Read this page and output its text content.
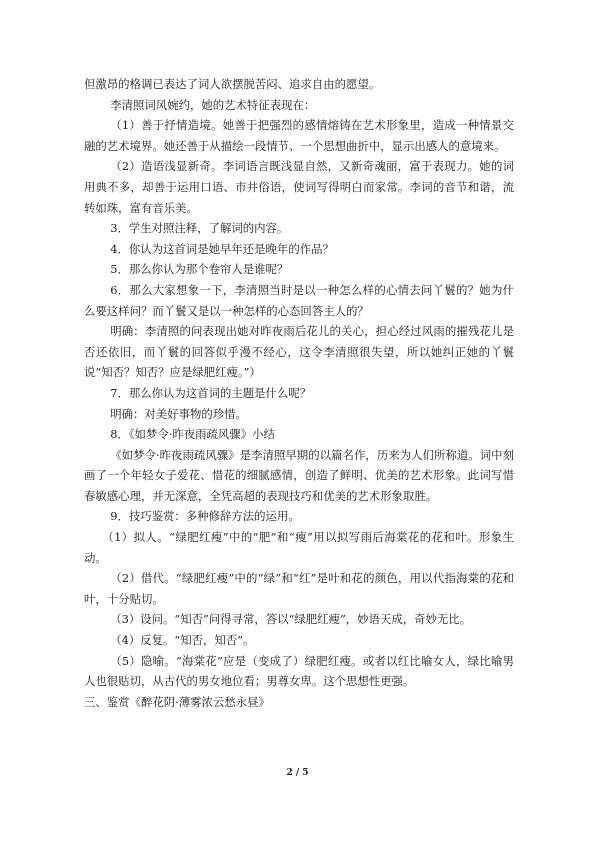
但激昂的格调已表达了词人欲摆脱苦闷、追求自由的愿望。

李清照词风婉约，她的艺术特征表现在：

（1）善于抒情造境。她善于把强烈的感情熔铸在艺术形象里，造成一种情景交融的艺术境界。她还善于从描绘一段情节、一个思想曲折中，显示出感人的意境来。

（2）造语浅显新奇。李词语言既浅显自然，又新奇魂丽，富于表现力。她的词用典不多，却善于运用口语、市井俗语，使词写得明白而家常。李词的音节和谐，流转如珠，富有音乐美。

3．学生对照注释，了解词的内容。

4．你认为这首词是她早年还是晚年的作品？

5．那么你认为那个卷帘人是谁呢？

6．那么大家想象一下，李清照当时是以一种怎么样的心情去问丫鬟的？她为什么要这样问？而丫鬟又是以一种怎样的心态回答主人的？

明确：李清照的问表现出她对昨夜雨后花儿的关心，担心经过风雨的摧残花儿是否还依旧，而丫鬟的回答似乎漫不经心，这令李清照很失望，所以她纠正她的丫鬟说“知否？知否？应是绿肥红瘦。”）

7．那么你认为这首词的主题是什么呢？

明确：对美好事物的珍惜。

8．《如梦令·昨夜雨疏风骤》小结

《如梦令·昨夜雨疏风骤》是李清照早期的以篇名作，历来为人们所称道。词中刻画了一个年轻女子爱花、惜花的细腻感情，创造了鲜明、优美的艺术形象。此词写惜春敏感心理，并无深意，全凭高超的表现技巧和优美的艺术形象取胜。

9．技巧鉴赏：多种修辞方法的运用。

（1）拟人。“绿肥红瘦”中的“肥”和“瘦”用以拟写雨后海棠花的花和叶。形象生动。

（2）借代。“绿肥红瘦”中的“绿”和“红”是叶和花的颜色，用以代指海棠的花和叶，十分贴切。

（3）设问。“知否”问得寻常，答以“绿肥红瘦”，妙语天成，奇妙无比。

（4）反复。“知否，知否”。

（5）隐喻。“海棠花”应是（变成了）绿肥红瘦。或者以红比喻女人，绿比喻男人也很贴切，从古代的男女地位看；男尊女卑。这个思想性更强。

三、鉴赏《醉花阴·薄雾浓云愁永昼》

2 / 5
